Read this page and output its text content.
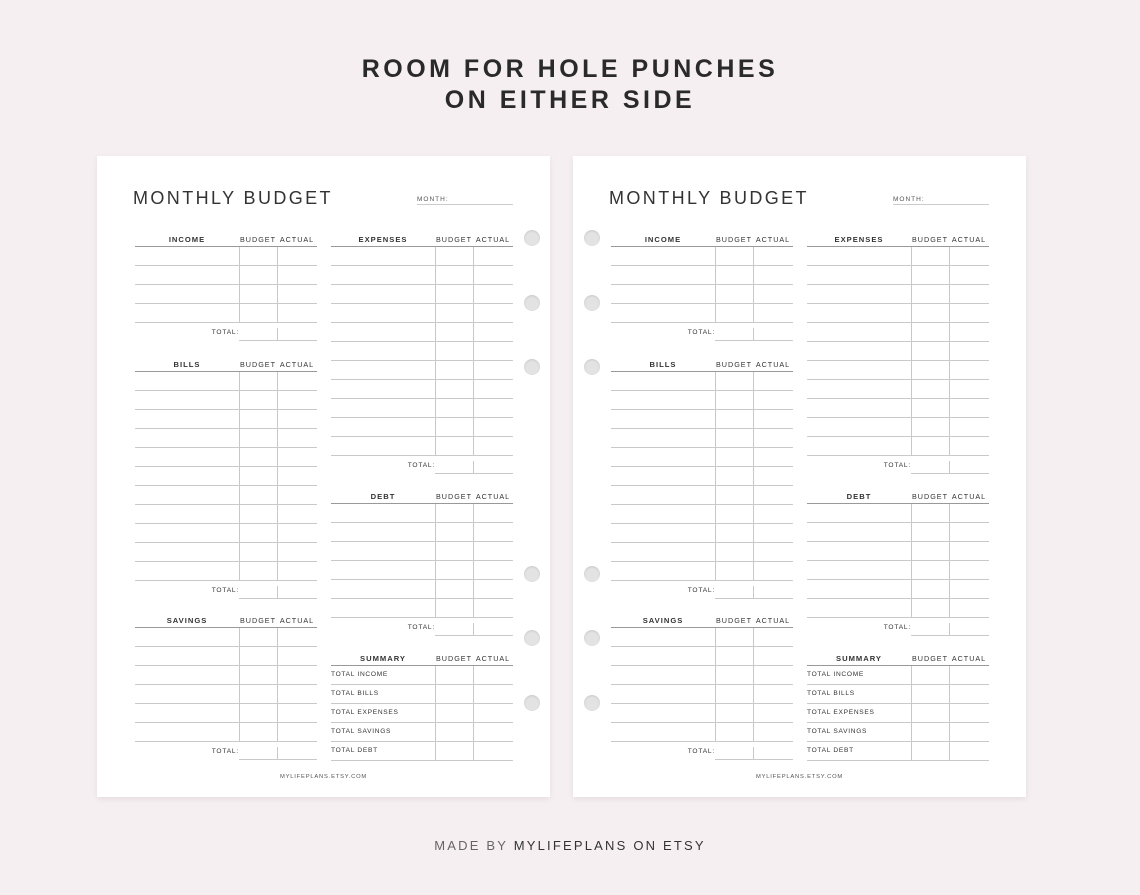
ROOM FOR HOLE PUNCHES
ON EITHER SIDE
MONTHLY BUDGET	MONTH:
INCOME	BUDGET ACTUAL
TOTAL:
BILLS	BUDGET ACTUAL
TOTAL:
SAVINGS	BUDGET ACTUAL
TOTAL:
EXPENSES	BUDGET ACTUAL
TOTAL:
DEBT	BUDGET ACTUAL
TOTAL:
SUMMARY	BUDGET ACTUAL
TOTAL INCOME
TOTAL BILLS
TOTAL EXPENSES
TOTAL SAVINGS
TOTAL DEBT
MYLIFEPLANS.ETSY.COM
MONTHLY BUDGET	MONTH:
INCOME	BUDGET ACTUAL
TOTAL:
BILLS	BUDGET ACTUAL
TOTAL:
SAVINGS	BUDGET ACTUAL
TOTAL:
EXPENSES	BUDGET ACTUAL
TOTAL:
DEBT	BUDGET ACTUAL
TOTAL:
SUMMARY	BUDGET ACTUAL
TOTAL INCOME
TOTAL BILLS
TOTAL EXPENSES
TOTAL SAVINGS
TOTAL DEBT
MYLIFEPLANS.ETSY.COM
MADE BY MYLIFEPLANS ON ETSY
